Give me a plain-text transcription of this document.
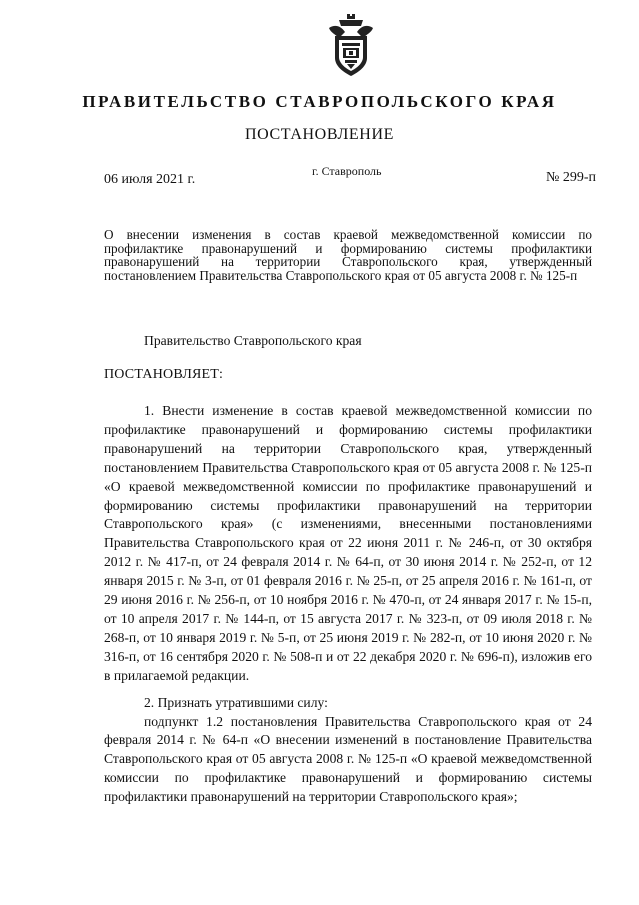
ПРАВИТЕЛЬСТВО СТАВРОПОЛЬСКОГО КРАЯ
ПОСТАНОВЛЕНИЕ
06 июля 2021 г.
г. Ставрополь	№ 299-п
О внесении изменения в состав краевой межведомственной комиссии по профилактике правонарушений и формированию системы профилактики правонарушений на территории Ставропольского края, утвержденный постановлением Правительства Ставропольского края от 05 августа 2008 г. № 125-п
Правительство Ставропольского края
ПОСТАНОВЛЯЕТ:

1. Внести изменение в состав краевой межведомственной комиссии по профилактике правонарушений и формированию системы профилактики правонарушений на территории Ставропольского края, утвержденный постановлением Правительства Ставропольского края от 05 августа 2008 г. № 125-п «О краевой межведомственной комиссии по профилактике правонарушений и формированию системы профилактики правонарушений на территории Ставропольского края» (с изменениями, внесенными постановлениями Правительства Ставропольского края от 22 июня 2011 г. № 246-п, от 30 октября 2012 г. № 417-п, от 24 февраля 2014 г. № 64-п, от 30 июня 2014 г. № 252-п, от 12 января 2015 г. № 3-п, от 01 февраля 2016 г. № 25-п, от 25 апреля 2016 г. № 161-п, от 29 июня 2016 г. № 256-п, от 10 ноября 2016 г. № 470-п, от 24 января 2017 г. № 15-п, от 10 апреля 2017 г. № 144-п, от 15 августа 2017 г. № 323-п, от 09 июля 2018 г. № 268-п, от 10 января 2019 г. № 5-п, от 25 июня 2019 г. № 282-п, от 10 июня 2020 г. № 316-п, от 16 сентября 2020 г. № 508-п и от 22 декабря 2020 г. № 696-п), изложив его в прилагаемой редакции.

2. Признать утратившими силу:

подпункт 1.2 постановления Правительства Ставропольского края от 24 февраля 2014 г. № 64-п «О внесении изменений в постановление Правительства Ставропольского края от 05 августа 2008 г. № 125-п «О краевой межведомственной комиссии по профилактике правонарушений и формированию системы профилактики правонарушений на территории Ставропольского края»;
